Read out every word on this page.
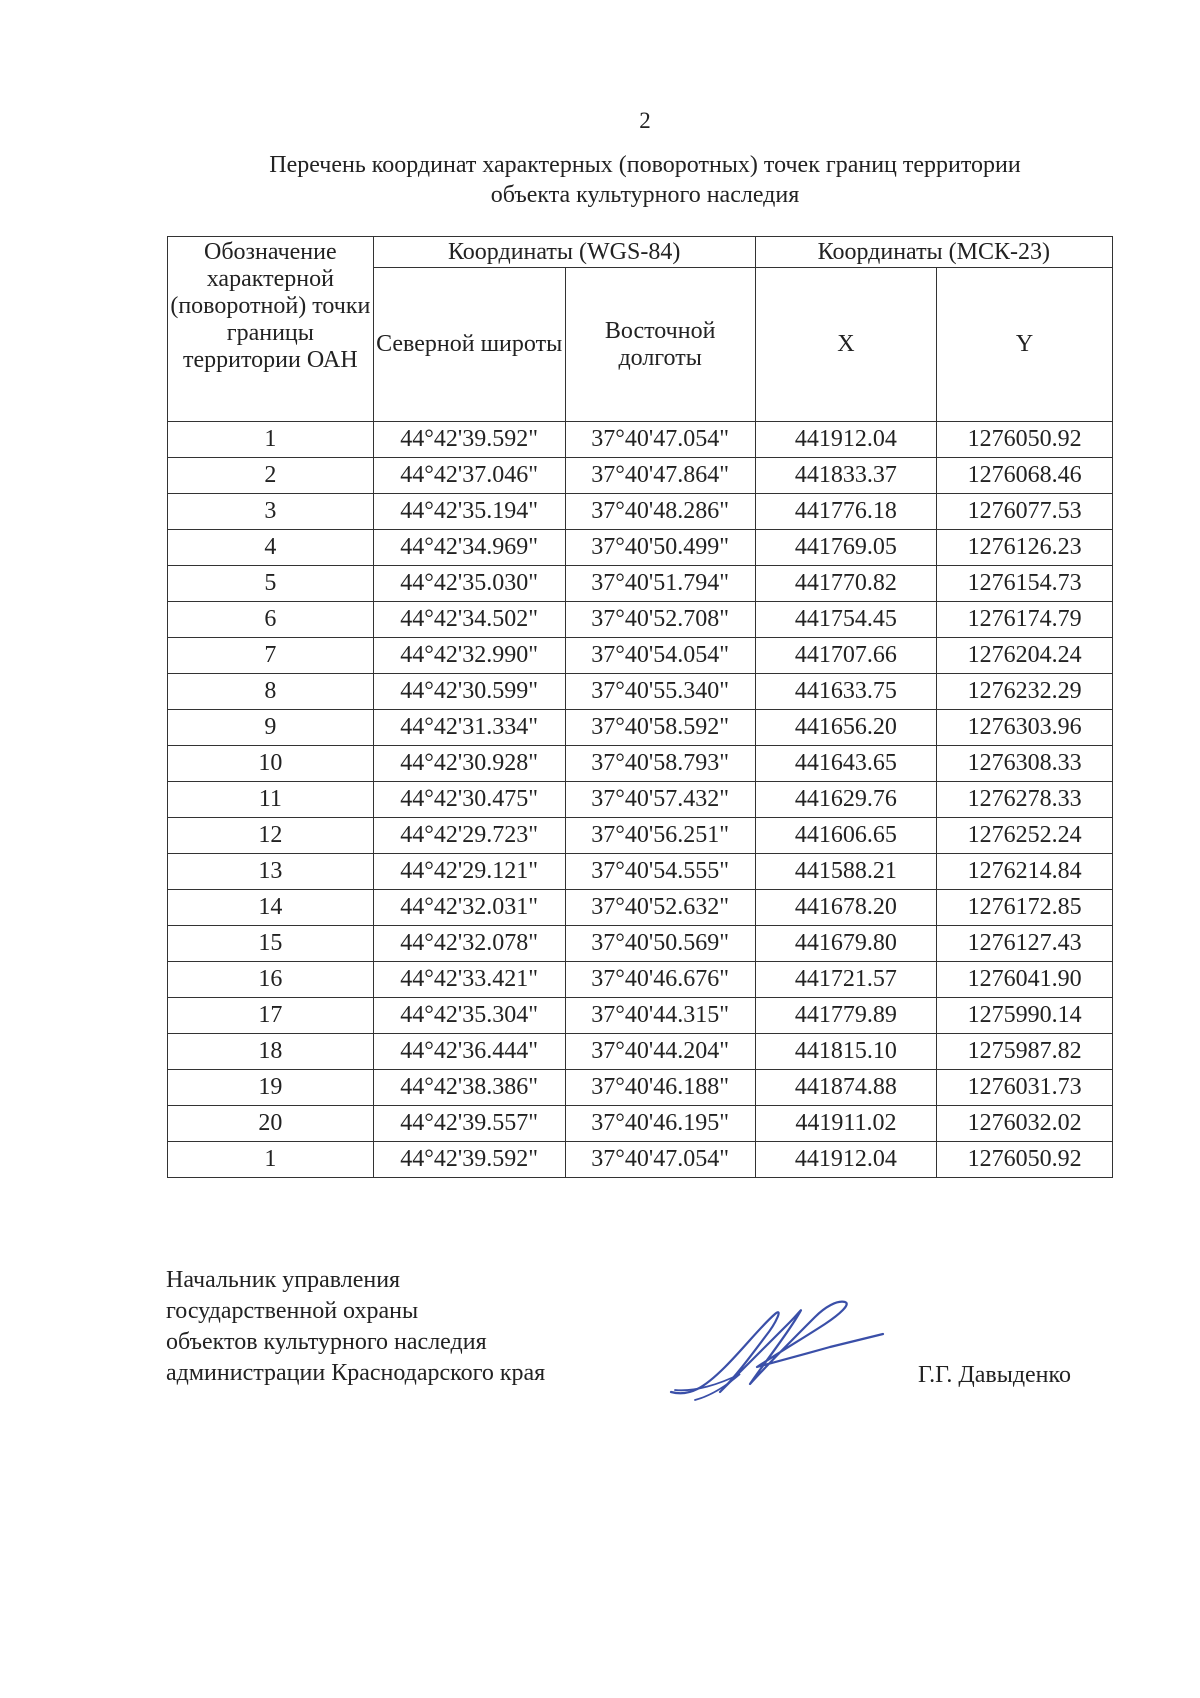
2
Перечень координат характерных (поворотных) точек границ территории
объекта культурного наследия
Обозначение характерной (поворотной) точки границы территории ОАН	Координаты (WGS-84)		Координаты (МСК-23)	
	Северной широты	Восточной долготы	X	Y
1	44°42'39.592"	37°40'47.054"	441912.04	1276050.92
2	44°42'37.046"	37°40'47.864"	441833.37	1276068.46
3	44°42'35.194"	37°40'48.286"	441776.18	1276077.53
4	44°42'34.969"	37°40'50.499"	441769.05	1276126.23
5	44°42'35.030"	37°40'51.794"	441770.82	1276154.73
6	44°42'34.502"	37°40'52.708"	441754.45	1276174.79
7	44°42'32.990"	37°40'54.054"	441707.66	1276204.24
8	44°42'30.599"	37°40'55.340"	441633.75	1276232.29
9	44°42'31.334"	37°40'58.592"	441656.20	1276303.96
10	44°42'30.928"	37°40'58.793"	441643.65	1276308.33
11	44°42'30.475"	37°40'57.432"	441629.76	1276278.33
12	44°42'29.723"	37°40'56.251"	441606.65	1276252.24
13	44°42'29.121"	37°40'54.555"	441588.21	1276214.84
14	44°42'32.031"	37°40'52.632"	441678.20	1276172.85
15	44°42'32.078"	37°40'50.569"	441679.80	1276127.43
16	44°42'33.421"	37°40'46.676"	441721.57	1276041.90
17	44°42'35.304"	37°40'44.315"	441779.89	1275990.14
18	44°42'36.444"	37°40'44.204"	441815.10	1275987.82
19	44°42'38.386"	37°40'46.188"	441874.88	1276031.73
20	44°42'39.557"	37°40'46.195"	441911.02	1276032.02
1	44°42'39.592"	37°40'47.054"	441912.04	1276050.92
Начальник управления
государственной охраны
объектов культурного наследия
администрации Краснодарского края	Г.Г. Давыденко
